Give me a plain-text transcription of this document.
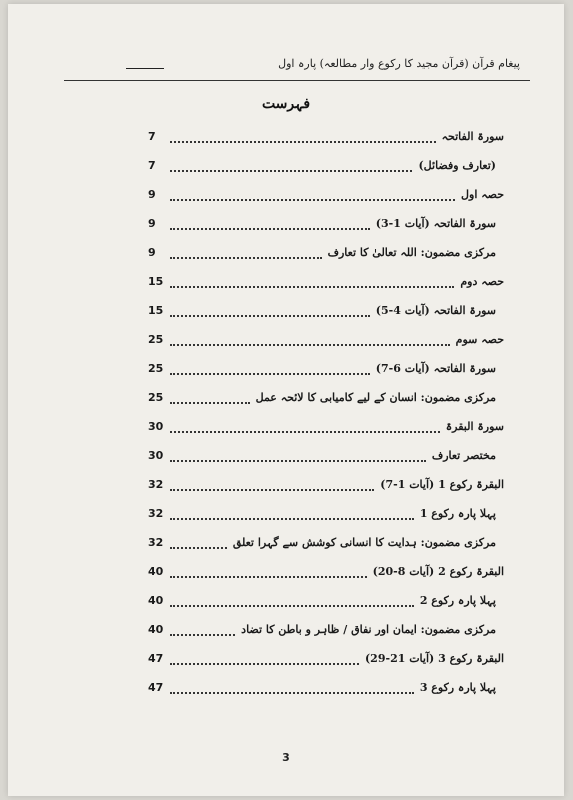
پیغام قرآن (قرآن مجید کا رکوع وار مطالعہ) پارہ اول
فہرست
7	سورۃ الفاتحہ
7	(تعارف وفضائل)
9	حصہ اول
9	سورۃ الفاتحہ (آیات 1-3)
9	مرکزی مضمون: اللہ تعالیٰ کا تعارف
15	حصہ دوم
15	سورۃ الفاتحہ (آیات 4-5)
25	حصہ سوم
25	سورۃ الفاتحہ (آیات 6-7)
25	مرکزی مضمون: انسان کے لیے کامیابی کا لائحہ عمل
30	سورۃ البقرۃ
30	مختصر تعارف
32	البقرۃ رکوع 1 (آیات 1-7)
32	پہلا پارہ رکوع 1
32	مرکزی مضمون: ہدایت کا انسانی کوشش سے گہرا تعلق
40	البقرۃ رکوع 2 (آیات 8-20)
40	پہلا پارہ رکوع 2
40	مرکزی مضمون: ایمان اور نفاق / ظاہر و باطن کا تضاد
47	البقرۃ رکوع 3 (آیات 21-29)
47	پہلا پارہ رکوع 3
3
